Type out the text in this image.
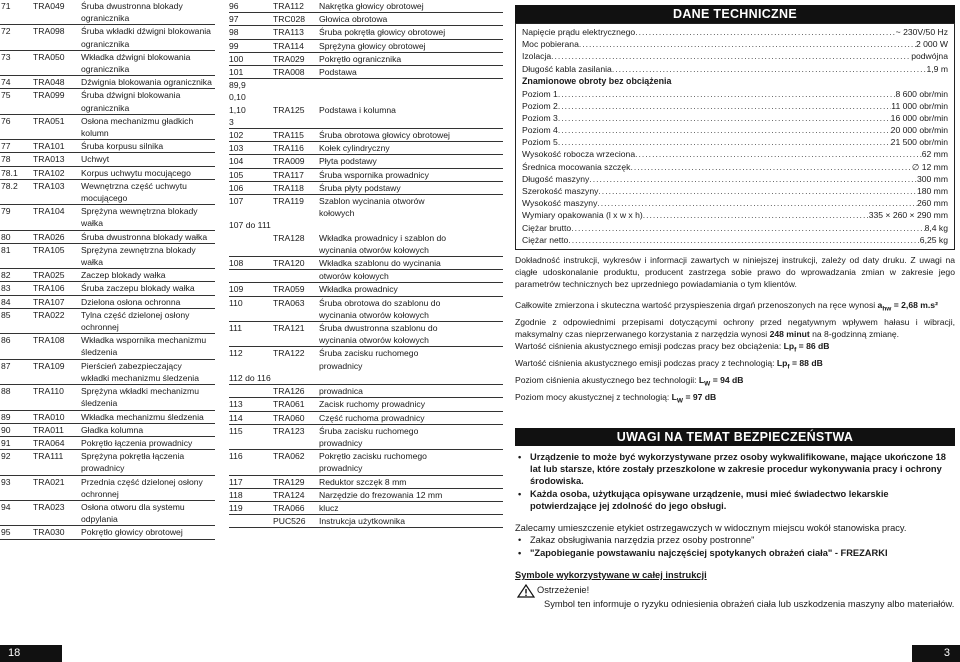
71	TRA049	Śruba dwustronna blokady
		ogranicznika
72	TRA098	Śruba wkładki dźwigni blokowania
		ogranicznika
73	TRA050	Wkładka dźwigni blokowania
		ogranicznika
74	TRA048	Dźwignia blokowania ogranicznika
75	TRA099	Śruba dźwigni blokowania
		ogranicznika
76	TRA051	Osłona mechanizmu gładkich
		kolumn
77	TRA101	Śruba korpusu silnika
78	TRA013	Uchwyt
78.1	TRA102	Korpus uchwytu mocującego
78.2	TRA103	Wewnętrzna część uchwytu
		mocującego
79	TRA104	Sprężyna wewnętrzna blokady
		wałka
80	TRA026	Śruba dwustronna blokady wałka
81	TRA105	Sprężyna zewnętrzna blokady
		wałka
82	TRA025	Zaczep blokady wałka
83	TRA106	Śruba zaczepu blokady wałka
84	TRA107	Dzielona osłona ochronna
85	TRA022	Tylna część dzielonej osłony
		ochronnej
86	TRA108	Wkładka wspornika mechanizmu
		śledzenia
87	TRA109	Pierścień zabezpieczający
		wkładki mechanizmu śledzenia
88	TRA110	Sprężyna wkładki mechanizmu
		śledzenia
89	TRA010	Wkładka mechanizmu śledzenia
90	TRA011	Gładka kolumna
91	TRA064	Pokrętło łączenia prowadnicy
92	TRA111	Sprężyna pokrętła łączenia
		prowadnicy
93	TRA021	Przednia część dzielonej osłony
		ochronnej
94	TRA023	Osłona otworu dla systemu
		odpylania
95	TRA030	Pokrętło głowicy obrotowej
96	TRA112	Nakrętka głowicy obrotowej
97	TRC028	Głowica obrotowa
98	TRA113	Śruba pokrętła głowicy obrotowej
99	TRA114	Sprężyna głowicy obrotowej
100	TRA029	Pokrętło ogranicznika
101	TRA008	Podstawa
89,9		
0,10		
1,10	TRA125	Podstawa i kolumna
3		
102	TRA115	Śruba obrotowa głowicy obrotowej
103	TRA116	Kołek cylindryczny
104	TRA009	Płyta podstawy
105	TRA117	Śruba wspornika prowadnicy
106	TRA118	Śruba płyty podstawy
107	TRA119	Szablon wycinania otworów
		kołowych
107 do 111		
	TRA128	Wkładka prowadnicy i szablon do
		wycinania otworów kołowych
108	TRA120	Wkładka szablonu do wycinania
		otworów kołowych
109	TRA059	Wkładka prowadnicy
110	TRA063	Śruba obrotowa do szablonu do
		wycinania otworów kołowych
111	TRA121	Śruba dwustronna szablonu do
		wycinania otworów kołowych
112	TRA122	Śruba zacisku ruchomego
		prowadnicy
112 do 116		
	TRA126	prowadnica
113	TRA061	Zacisk ruchomy prowadnicy
114	TRA060	Część ruchoma prowadnicy
115	TRA123	Śruba zacisku ruchomego
		prowadnicy
116	TRA062	Pokrętło zacisku ruchomego
		prowadnicy
117	TRA129	Reduktor szczęk 8 mm
118	TRA124	Narzędzie do frezowania 12 mm
119	TRA066	klucz
	PUC526	Instrukcja użytkownika
DANE TECHNICZNE
Napięcie prądu elektrycznego .....	~ 230V/50 Hz
Moc pobierana .....	2 000 W
Izolacja .....	podwójna
Długość kabla zasilania .....	1,9 m
Znamionowe obroty bez obciążenia
Poziom 1 .....	8 600 obr/min
Poziom 2 .....	11 000 obr/min
Poziom 3 .....	16 000 obr/min
Poziom 4 .....	20 000 obr/min
Poziom 5 .....	21 500 obr/min
Wysokość robocza wrzeciona .....	62 mm
Średnica mocowania szczęk .....	∅ 12 mm
Długość maszyny .....	300 mm
Szerokość maszyny .....	180 mm
Wysokość maszyny .....	260 mm
Wymiary opakowania (l x w x h) .....	335 × 260 × 290 mm
Ciężar brutto .....	8,4 kg
Ciężar netto .....	6,25 kg
Dokładność instrukcji, wykresów i informacji zawartych w niniejszej instrukcji, zależy od daty druku. Z uwagi na ciągłe udoskonalanie produktu, producent zastrzega sobie prawo do wprowadzania zmian w zakresie jego parametrów technicznych bez uprzedniego powiadamiania o tym klientów.
Całkowite zmierzona i skuteczna wartość przyspieszenia drgań przenoszonych na ręce wynosi $a_{hw} = 2,68$ m.s²
Zgodnie z odpowiednimi przepisami dotyczącymi ochrony przed negatywnym wpływem hałasu i wibracji, maksymalny czas nieprzerwanego korzystania z narzędzia wynosi 248 minut na 8-godzinną zmianę.
Wartość ciśnienia akustycznego emisji podczas pracy bez obciążenia: $Lp_f = 86$ dB
Wartość ciśnienia akustycznego emisji podczas pracy z technologią: $Lp_f = 88$ dB
Poziom ciśnienia akustycznego bez technologii: $L_W = 94$ dB
Poziom mocy akustycznej z technologią: $L_W = 97$ dB
UWAGI NA TEMAT BEZPIECZEŃSTWA
• Urządzenie to może być wykorzystywane przez osoby wykwalifikowane, mające ukończone 18 lat lub starsze, które zostały przeszkolone w zakresie procedur wykonywania pracy i ochrony środowiska.
• Każda osoba, użytkująca opisywane urządzenie, musi mieć świadectwo lekarskie potwierdzające jej zdolność do jego obsługi.
Zalecamy umieszczenie etykiet ostrzegawczych w widocznym miejscu wokół stanowiska pracy.
• Zakaz obsługiwania narzędzia przez osoby postronne"
• "Zapobieganie powstawaniu najczęściej spotykanych obrażeń ciała" - FREZARKI
Symbole wykorzystywane w całej instrukcji
Ostrzeżenie!
Symbol ten informuje o ryzyku odniesienia obrażeń ciała lub uszkodzenia maszyny albo materiałów.
18	3
